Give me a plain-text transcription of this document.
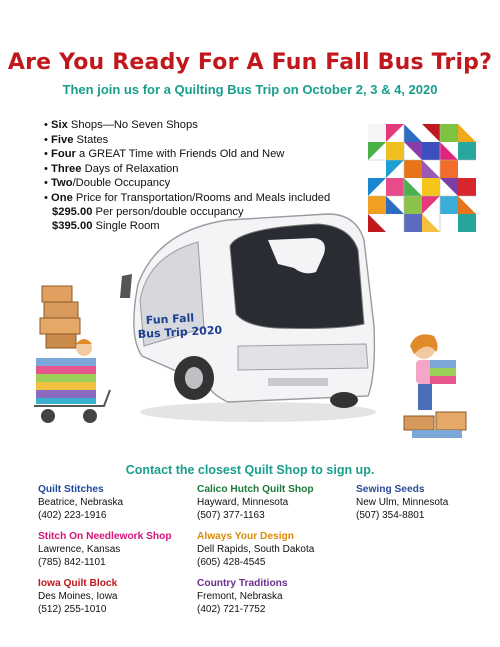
Are You Ready For A Fun Fall Bus Trip?
Then join us for a Quilting Bus Trip on October 2, 3 & 4, 2020
• Six Shops—No Seven Shops
• Five States
• Four a GREAT Time with Friends Old and New
• Three Days of Relaxation
• Two/Double Occupancy
• One Price for Transportation/Rooms and Meals included
$295.00 Per person/double occupancy
$395.00 Single Room
Fun Fall
Bus Trip 2020
Contact the closest Quilt Shop to sign up.
Quilt Stitches
Beatrice, Nebraska
(402) 223-1916
Calico Hutch Quilt Shop
Hayward, Minnesota
(507) 377-1163
Sewing Seeds
New Ulm, Minnesota
(507) 354-8801
Stitch On Needlework Shop
Lawrence, Kansas
(785) 842-1101
Always Your Design
Dell Rapids, South Dakota
(605) 428-4545
Iowa Quilt Block
Des Moines, Iowa
(512) 255-1010
Country Traditions
Fremont, Nebraska
(402) 721-7752
